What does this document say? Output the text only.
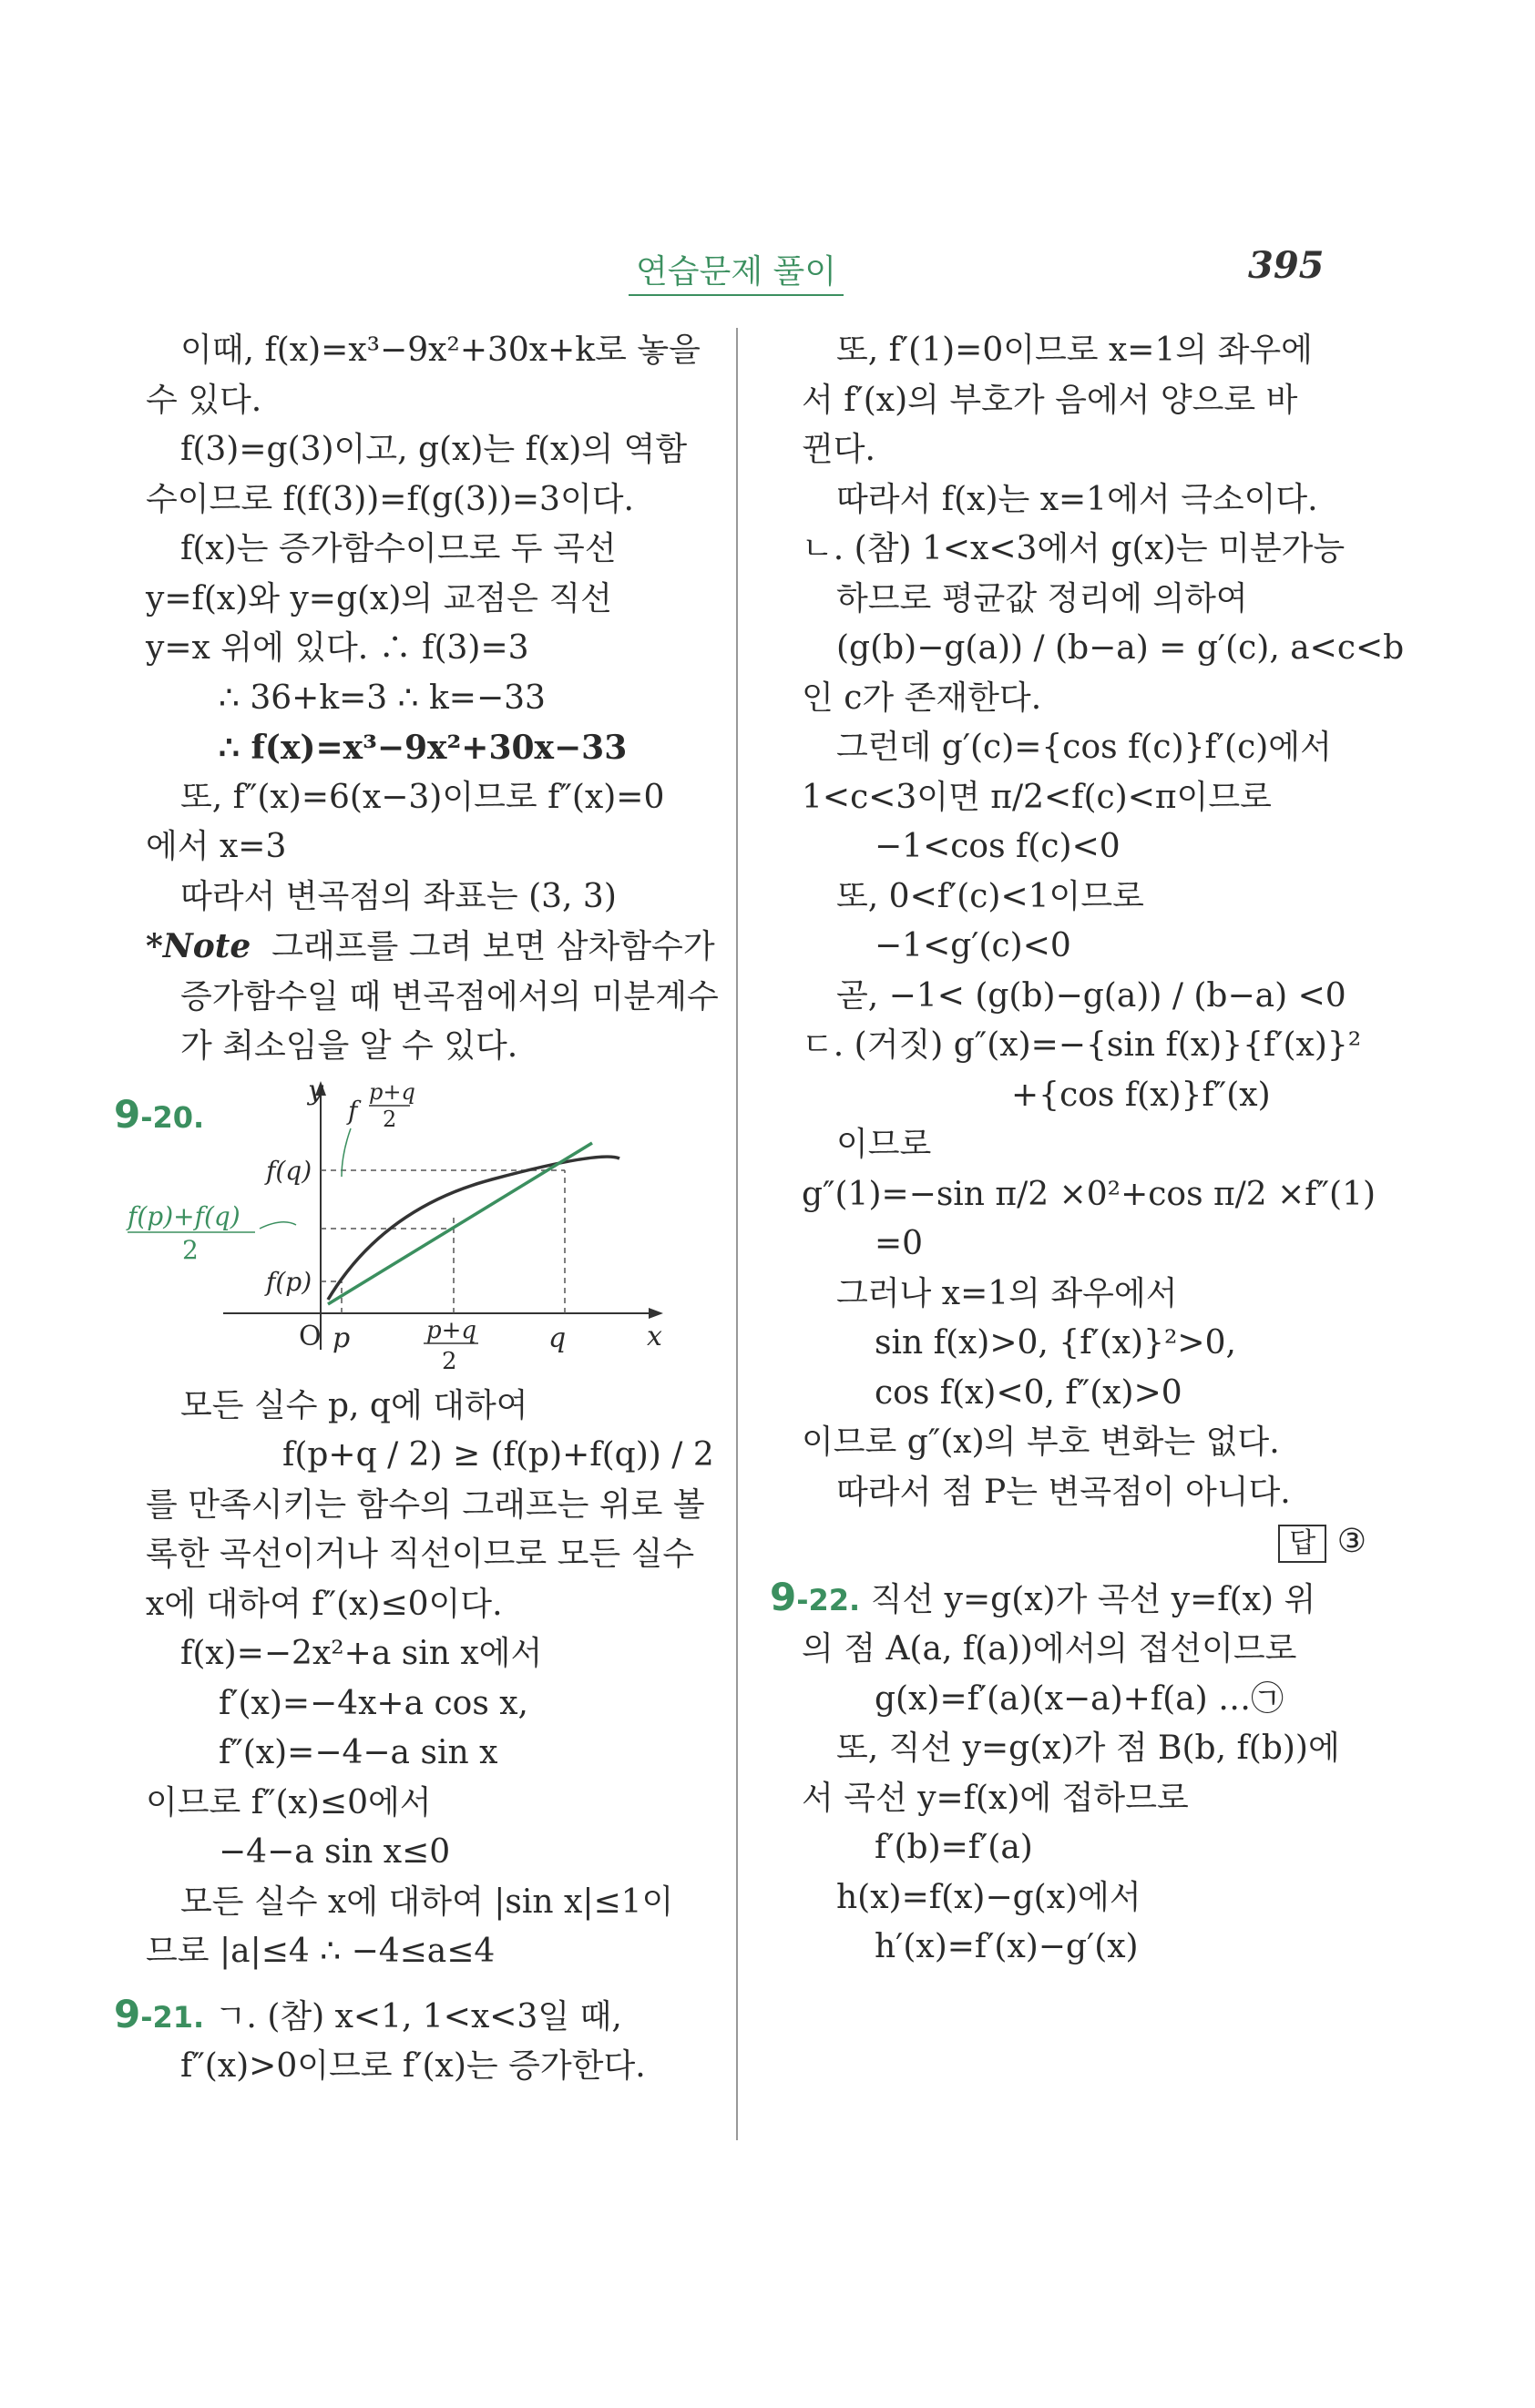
연습문제 풀이	395
이때, f(x)=x³−9x²+30x+k로 놓을
수 있다.
f(3)=g(3)이고, g(x)는 f(x)의 역함
수이므로 f(f(3))=f(g(3))=3이다.
f(x)는 증가함수이므로 두 곡선
y=f(x)와 y=g(x)의 교점은 직선
y=x 위에 있다. ∴ f(3)=3
∴ 36+k=3 ∴ k=−33
∴ f(x)=x³−9x²+30x−33
또, f″(x)=6(x−3)이므로 f″(x)=0
에서 x=3
따라서 변곡점의 좌표는 (3, 3)
*Note 그래프를 그려 보면 삼차함수가
증가함수일 때 변곡점에서의 미분계수
가 최소임을 알 수 있다.
9-20.
y
x
O p	q
p+q
2
f(q)
f(p)
f(p)+f(q)
2
f
p+q
2
모든 실수 p, q에 대하여
f(p+q / 2) ≥ (f(p)+f(q)) / 2
를 만족시키는 함수의 그래프는 위로 볼
록한 곡선이거나 직선이므로 모든 실수
x에 대하여 f″(x)≤0이다.
f(x)=−2x²+a sin x에서
f′(x)=−4x+a cos x,
f″(x)=−4−a sin x
이므로 f″(x)≤0에서
−4−a sin x≤0
모든 실수 x에 대하여 |sin x|≤1이
므로 |a|≤4 ∴ −4≤a≤4
9-21. ㄱ. (참) x<1, 1<x<3일 때,
f″(x)>0이므로 f′(x)는 증가한다.
또, f′(1)=0이므로 x=1의 좌우에
서 f′(x)의 부호가 음에서 양으로 바
뀐다.
따라서 f(x)는 x=1에서 극소이다.
ㄴ. (참) 1<x<3에서 g(x)는 미분가능
하므로 평균값 정리에 의하여
(g(b)−g(a)) / (b−a) = g′(c), a<c<b
인 c가 존재한다.
그런데 g′(c)={cos f(c)}f′(c)에서
1<c<3이면 π/2<f(c)<π이므로
−1<cos f(c)<0
또, 0<f′(c)<1이므로
−1<g′(c)<0
곧, −1< (g(b)−g(a)) / (b−a) <0
ㄷ. (거짓) g″(x)=−{sin f(x)}{f′(x)}²
+{cos f(x)}f″(x)
이므로
g″(1)=−sin π/2 ×0²+cos π/2 ×f″(1)
=0
그러나 x=1의 좌우에서
sin f(x)>0, {f′(x)}²>0,
cos f(x)<0, f″(x)>0
이므로 g″(x)의 부호 변화는 없다.
따라서 점 P는 변곡점이 아니다.
답 ③
9-22. 직선 y=g(x)가 곡선 y=f(x) 위
의 점 A(a, f(a))에서의 접선이므로
g(x)=f′(a)(x−a)+f(a) …㉠
또, 직선 y=g(x)가 점 B(b, f(b))에
서 곡선 y=f(x)에 접하므로
f′(b)=f′(a)
h(x)=f(x)−g(x)에서
h′(x)=f′(x)−g′(x)
